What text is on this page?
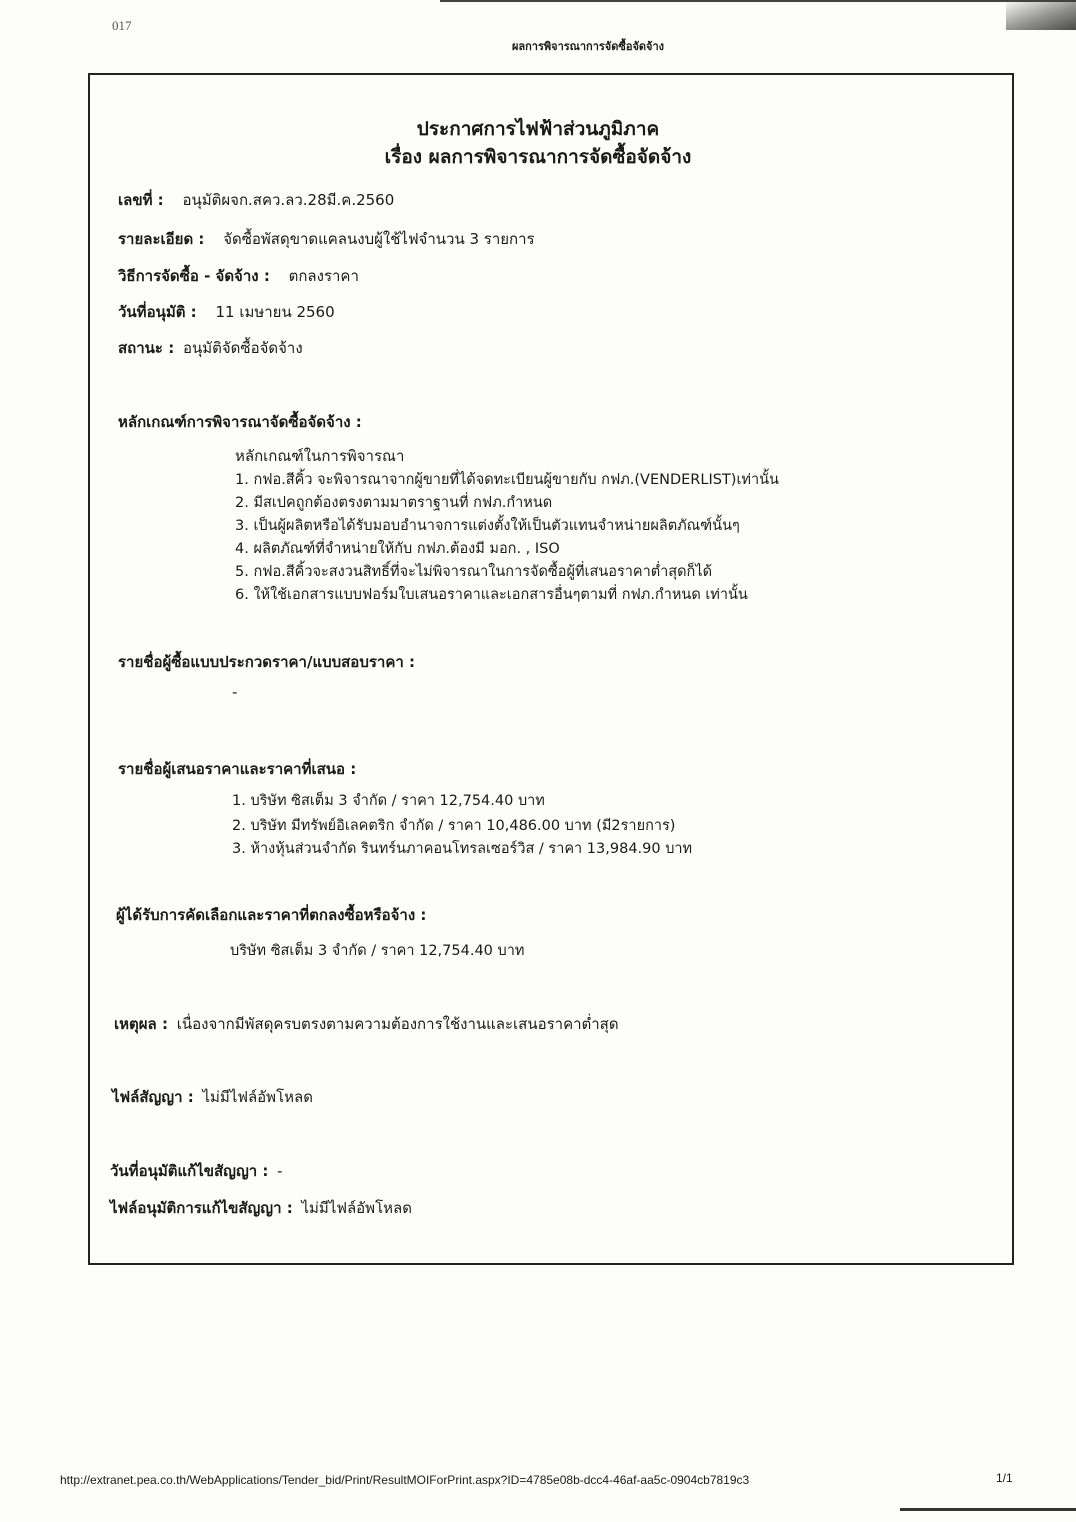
017
ผลการพิจารณาการจัดซื้อจัดจ้าง
ประกาศการไฟฟ้าส่วนภูมิภาค
เรื่อง ผลการพิจารณาการจัดซื้อจัดจ้าง
เลขที่ : อนุมัติผจก.สคว.ลว.28มี.ค.2560
รายละเอียด : จัดซื้อพัสดุขาดแคลนงบผู้ใช้ไฟจำนวน 3 รายการ
วิธีการจัดซื้อ - จัดจ้าง : ตกลงราคา
วันที่อนุมัติ : 11 เมษายน 2560
สถานะ : อนุมัติจัดซื้อจัดจ้าง
หลักเกณฑ์การพิจารณาจัดซื้อจัดจ้าง :
หลักเกณฑ์ในการพิจารณา
1. กฟอ.สีคิ้ว จะพิจารณาจากผู้ขายที่ได้จดทะเบียนผู้ขายกับ กฟภ.(VENDERLIST)เท่านั้น
2. มีสเปคถูกต้องตรงตามมาตราฐานที่ กฟภ.กำหนด
3. เป็นผู้ผลิตหรือได้รับมอบอำนาจการแต่งตั้งให้เป็นตัวแทนจำหน่ายผลิตภัณฑ์นั้นๆ
4. ผลิตภัณฑ์ที่จำหน่ายให้กับ กฟภ.ต้องมี มอก. , ISO
5. กฟอ.สีคิ้วจะสงวนสิทธิ์ที่จะไม่พิจารณาในการจัดซื้อผู้ที่เสนอราคาต่ำสุดก็ได้
6. ให้ใช้เอกสารแบบฟอร์มใบเสนอราคาและเอกสารอื่นๆตามที่ กฟภ.กำหนด เท่านั้น
รายชื่อผู้ซื้อแบบประกวดราคา/แบบสอบราคา :
-
รายชื่อผู้เสนอราคาและราคาที่เสนอ :
1. บริษัท ซิสเต็ม 3 จำกัด / ราคา 12,754.40 บาท
2. บริษัท มีทรัพย์อิเลคตริก จำกัด / ราคา 10,486.00 บาท (มี2รายการ)
3. ห้างหุ้นส่วนจำกัด รินทร์นภาคอนโทรลเซอร์วิส / ราคา 13,984.90 บาท
ผู้ได้รับการคัดเลือกและราคาที่ตกลงซื้อหรือจ้าง :
บริษัท ซิสเต็ม 3 จำกัด / ราคา 12,754.40 บาท
เหตุผล : เนื่องจากมีพัสดุครบตรงตามความต้องการใช้งานและเสนอราคาต่ำสุด
ไฟล์สัญญา : ไม่มีไฟล์อัพโหลด
วันที่อนุมัติแก้ไขสัญญา : -
ไฟล์อนุมัติการแก้ไขสัญญา : ไม่มีไฟล์อัพโหลด
http://extranet.pea.co.th/WebApplications/Tender_bid/Print/ResultMOIForPrint.aspx?ID=4785e08b-dcc4-46af-aa5c-0904cb7819c3	1/1
